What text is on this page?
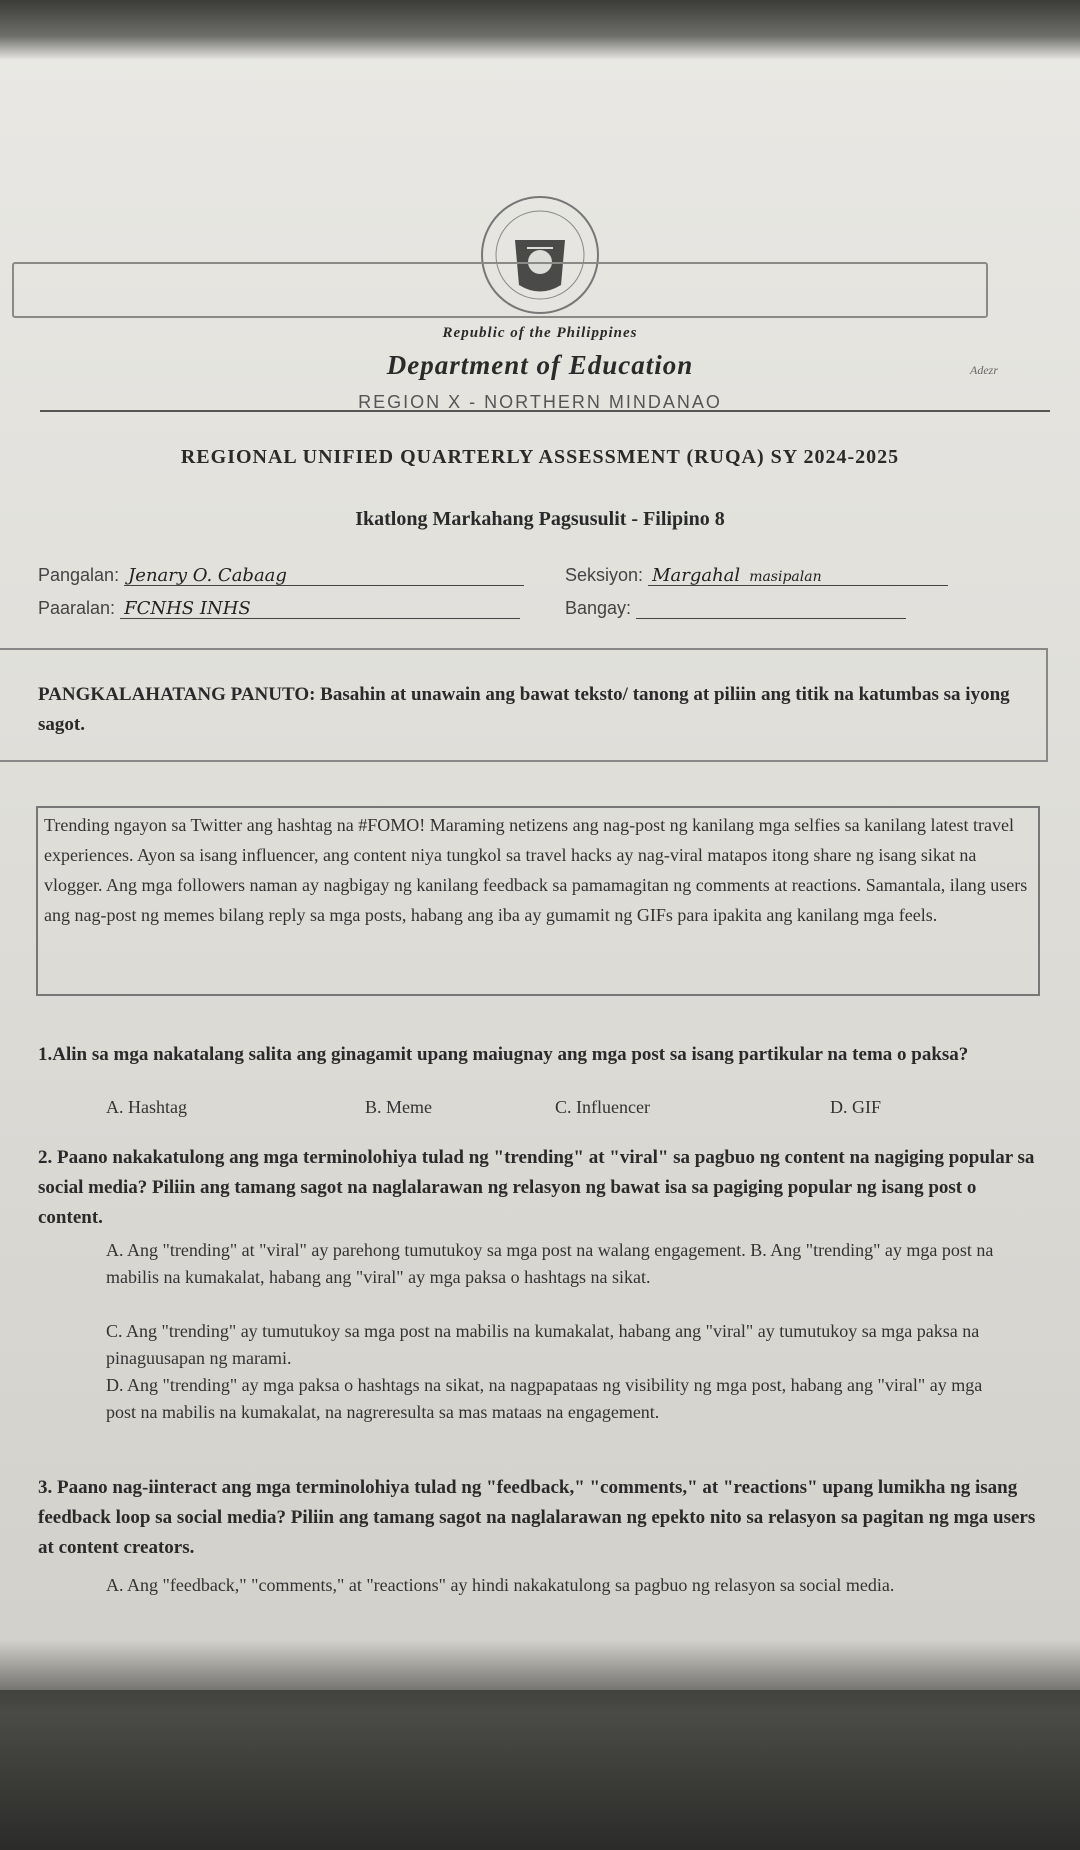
Republic of the Philippines
Department of Education	Adezr
REGION X - NORTHERN MINDANAO
REGIONAL UNIFIED QUARTERLY ASSESSMENT (RUQA) SY 2024-2025
Ikatlong Markahang Pagsusulit - Filipino 8
Pangalan: Jenary O. Cabaag	Seksiyon: Margahal masipalan
Paaralan: FCNHS INHS	Bangay:
PANGKALAHATANG PANUTO: Basahin at unawain ang bawat teksto/ tanong at piliin ang titik na katumbas sa iyong sagot.
Trending ngayon sa Twitter ang hashtag na #FOMO! Maraming netizens ang nag-post ng kanilang mga selfies sa kanilang latest travel experiences. Ayon sa isang influencer, ang content niya tungkol sa travel hacks ay nag-viral matapos itong share ng isang sikat na vlogger. Ang mga followers naman ay nagbigay ng kanilang feedback sa pamamagitan ng comments at reactions. Samantala, ilang users ang nag-post ng memes bilang reply sa mga posts, habang ang iba ay gumamit ng GIFs para ipakita ang kanilang mga feels.
1.Alin sa mga nakatalang salita ang ginagamit upang maiugnay ang mga post sa isang partikular na tema o paksa?
A. Hashtag	B. Meme	C. Influencer	D. GIF
2. Paano nakakatulong ang mga terminolohiya tulad ng "trending" at "viral" sa pagbuo ng content na nagiging popular sa social media? Piliin ang tamang sagot na naglalarawan ng relasyon ng bawat isa sa pagiging popular ng isang post o content.
A. Ang "trending" at "viral" ay parehong tumutukoy sa mga post na walang engagement. B. Ang "trending" ay mga post na mabilis na kumakalat, habang ang "viral" ay mga paksa o hashtags na sikat.
C. Ang "trending" ay tumutukoy sa mga post na mabilis na kumakalat, habang ang "viral" ay tumutukoy sa mga paksa na pinaguusapan ng marami.
D. Ang "trending" ay mga paksa o hashtags na sikat, na nagpapataas ng visibility ng mga post, habang ang "viral" ay mga post na mabilis na kumakalat, na nagreresulta sa mas mataas na engagement.
3. Paano nag-iinteract ang mga terminolohiya tulad ng "feedback," "comments," at "reactions" upang lumikha ng isang feedback loop sa social media? Piliin ang tamang sagot na naglalarawan ng epekto nito sa relasyon sa pagitan ng mga users at content creators.
A. Ang "feedback," "comments," at "reactions" ay hindi nakakatulong sa pagbuo ng relasyon sa social media.
